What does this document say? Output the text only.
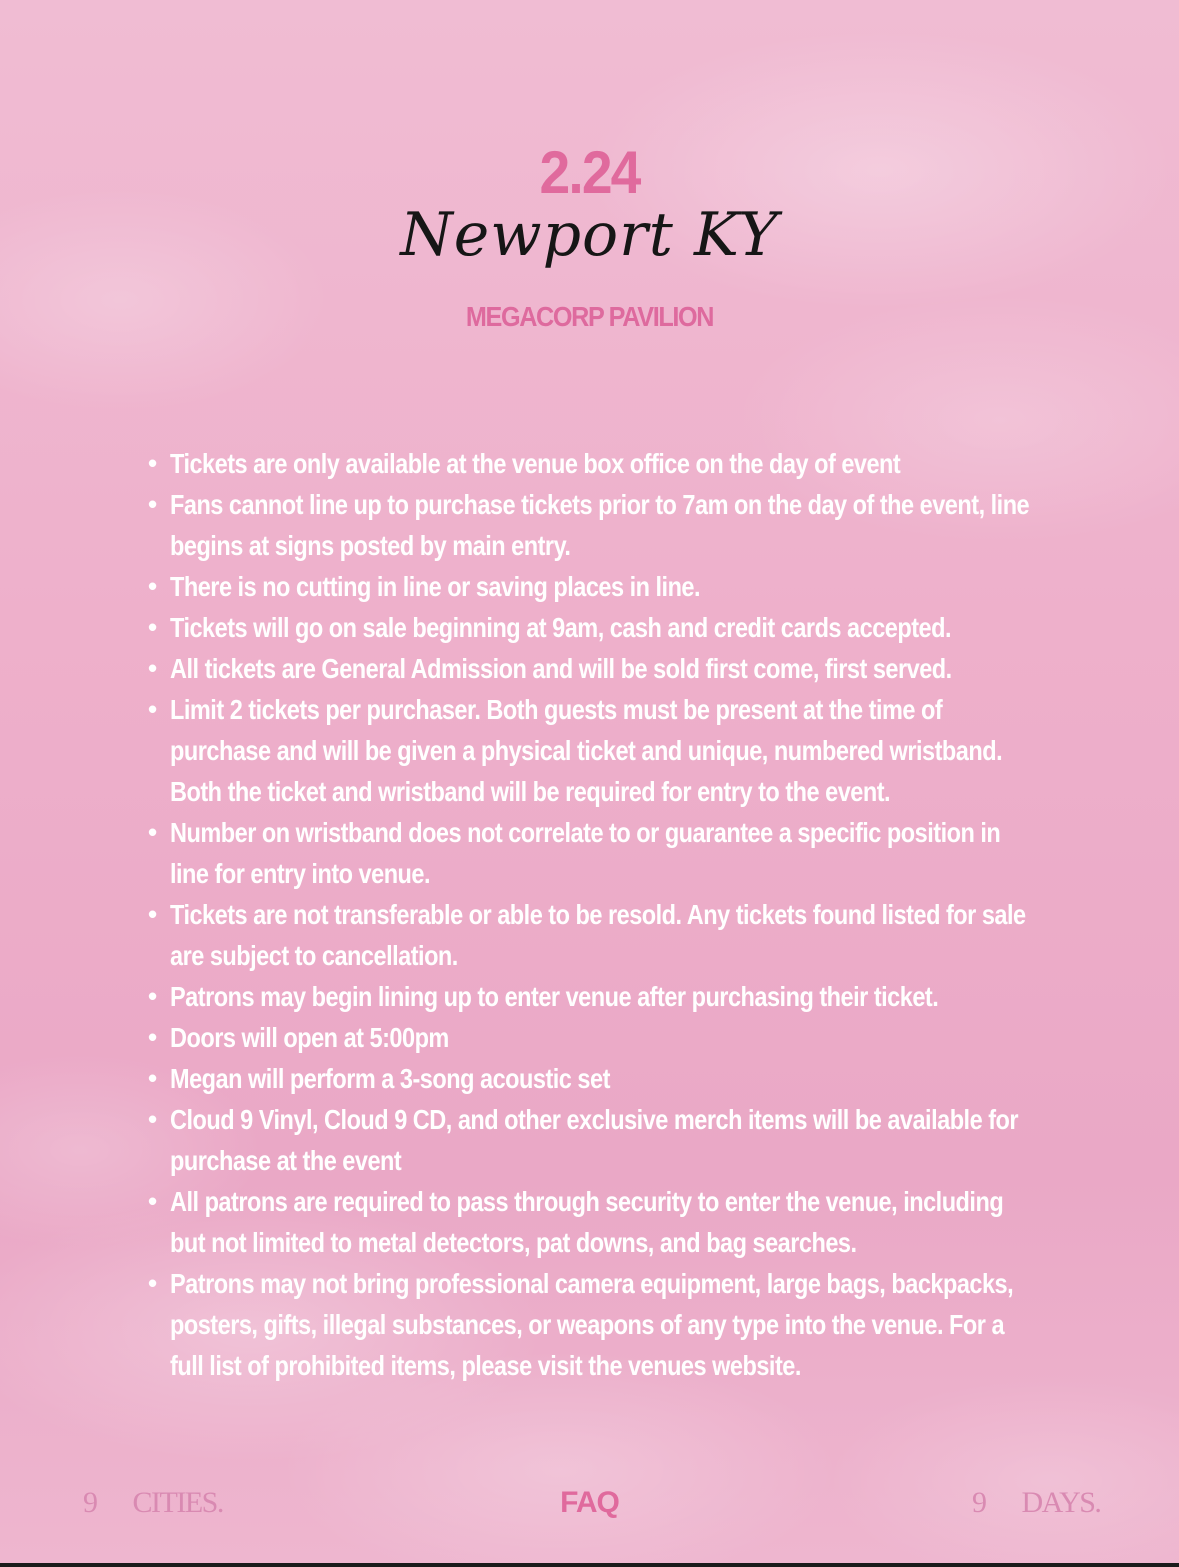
2.24
Newport KY
MEGACORP PAVILION
• Tickets are only available at the venue box office on the day of event
• Fans cannot line up to purchase tickets prior to 7am on the day of the event, line
begins at signs posted by main entry.
• There is no cutting in line or saving places in line.
• Tickets will go on sale beginning at 9am, cash and credit cards accepted.
• All tickets are General Admission and will be sold first come, first served.
• Limit 2 tickets per purchaser. Both guests must be present at the time of
purchase and will be given a physical ticket and unique, numbered wristband.
Both the ticket and wristband will be required for entry to the event.
• Number on wristband does not correlate to or guarantee a specific position in
line for entry into venue.
• Tickets are not transferable or able to be resold. Any tickets found listed for sale
are subject to cancellation.
• Patrons may begin lining up to enter venue after purchasing their ticket.
• Doors will open at 5:00pm
• Megan will perform a 3-song acoustic set
• Cloud 9 Vinyl, Cloud 9 CD, and other exclusive merch items will be available for
purchase at the event
• All patrons are required to pass through security to enter the venue, including
but not limited to metal detectors, pat downs, and bag searches.
• Patrons may not bring professional camera equipment, large bags, backpacks,
posters, gifts, illegal substances, or weapons of any type into the venue. For a
full list of prohibited items, please visit the venues website.
9 CITIES.	FAQ	9 DAYS.
